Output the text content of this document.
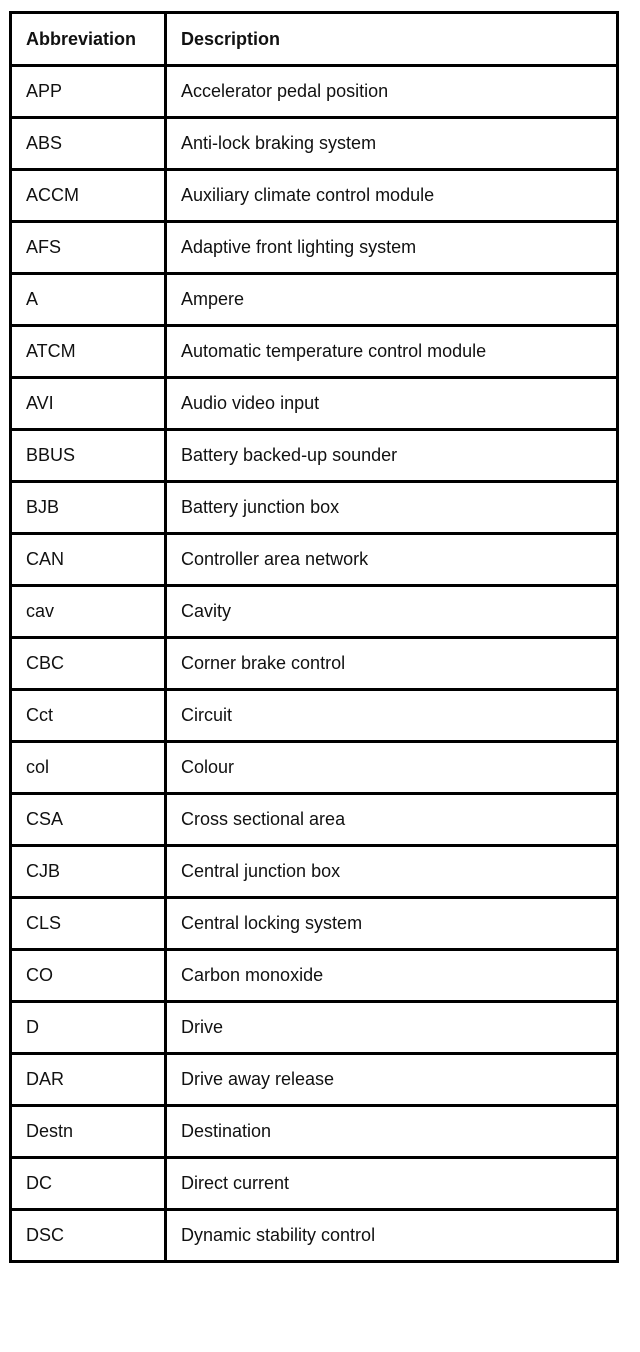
Abbreviation	Description
APP	Accelerator pedal position
ABS	Anti-lock braking system
ACCM	Auxiliary climate control module
AFS	Adaptive front lighting system
A	Ampere
ATCM	Automatic temperature control module
AVI	Audio video input
BBUS	Battery backed-up sounder
BJB	Battery junction box
CAN	Controller area network
cav	Cavity
CBC	Corner brake control
Cct	Circuit
col	Colour
CSA	Cross sectional area
CJB	Central junction box
CLS	Central locking system
CO	Carbon monoxide
D	Drive
DAR	Drive away release
Destn	Destination
DC	Direct current
DSC	Dynamic stability control
